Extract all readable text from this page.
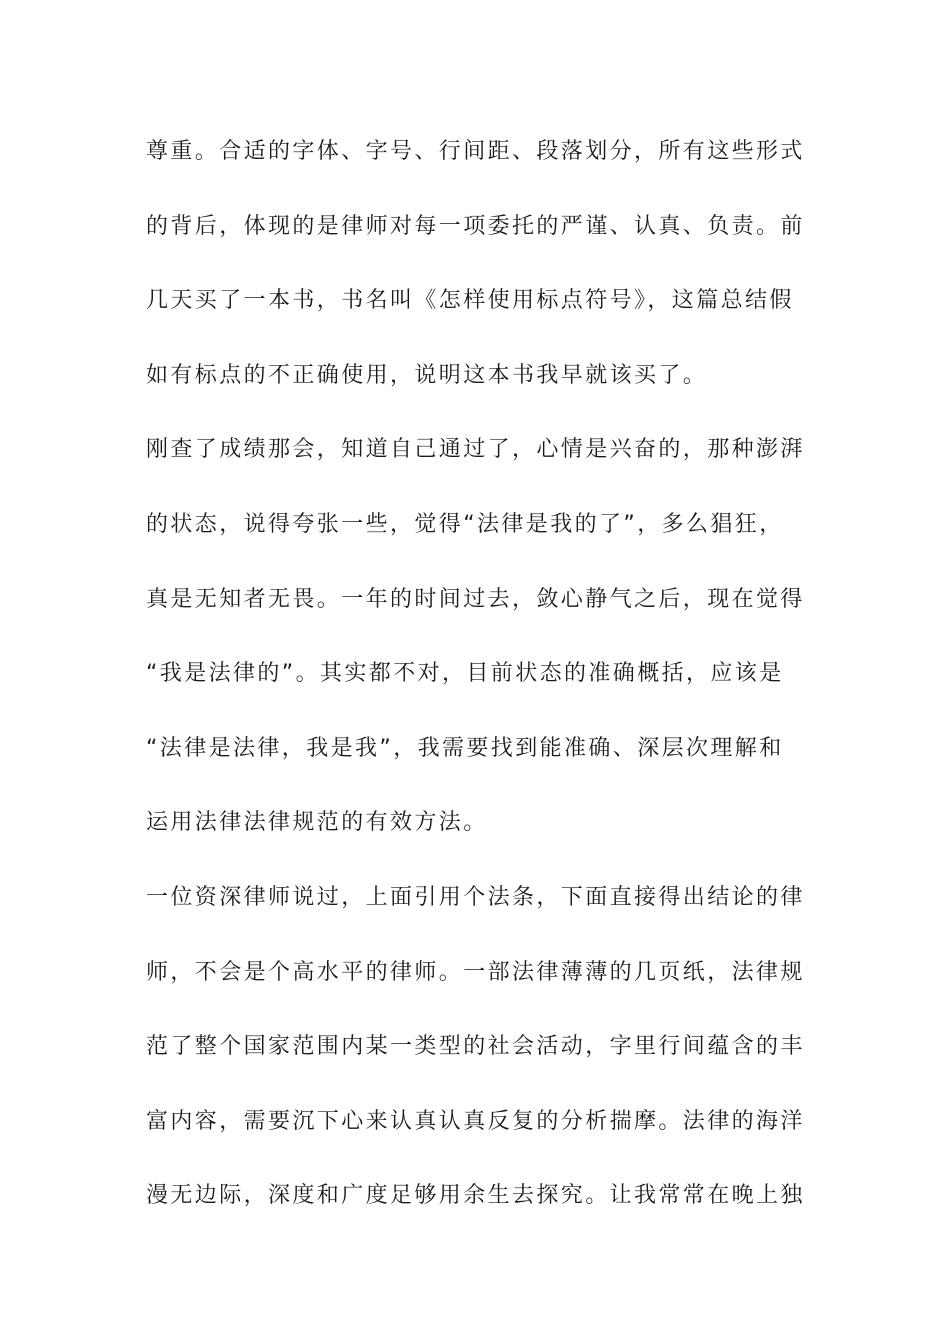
尊重。合适的字体、字号、行间距、段落划分，所有这些形式
的背后，体现的是律师对每一项委托的严谨、认真、负责。前
几天买了一本书，书名叫《怎样使用标点符号》，这篇总结假
如有标点的不正确使用，说明这本书我早就该买了。
刚查了成绩那会，知道自己通过了，心情是兴奋的，那种澎湃
的状态，说得夸张一些，觉得“法律是我的了”，多么猖狂，
真是无知者无畏。一年的时间过去，敛心静气之后，现在觉得
“我是法律的”。其实都不对，目前状态的准确概括，应该是
“法律是法律，我是我”，我需要找到能准确、深层次理解和
运用法律法律规范的有效方法。
一位资深律师说过，上面引用个法条，下面直接得出结论的律
师，不会是个高水平的律师。一部法律薄薄的几页纸，法律规
范了整个国家范围内某一类型的社会活动，字里行间蕴含的丰
富内容，需要沉下心来认真认真反复的分析揣摩。法律的海洋
漫无边际，深度和广度足够用余生去探究。让我常常在晚上独
